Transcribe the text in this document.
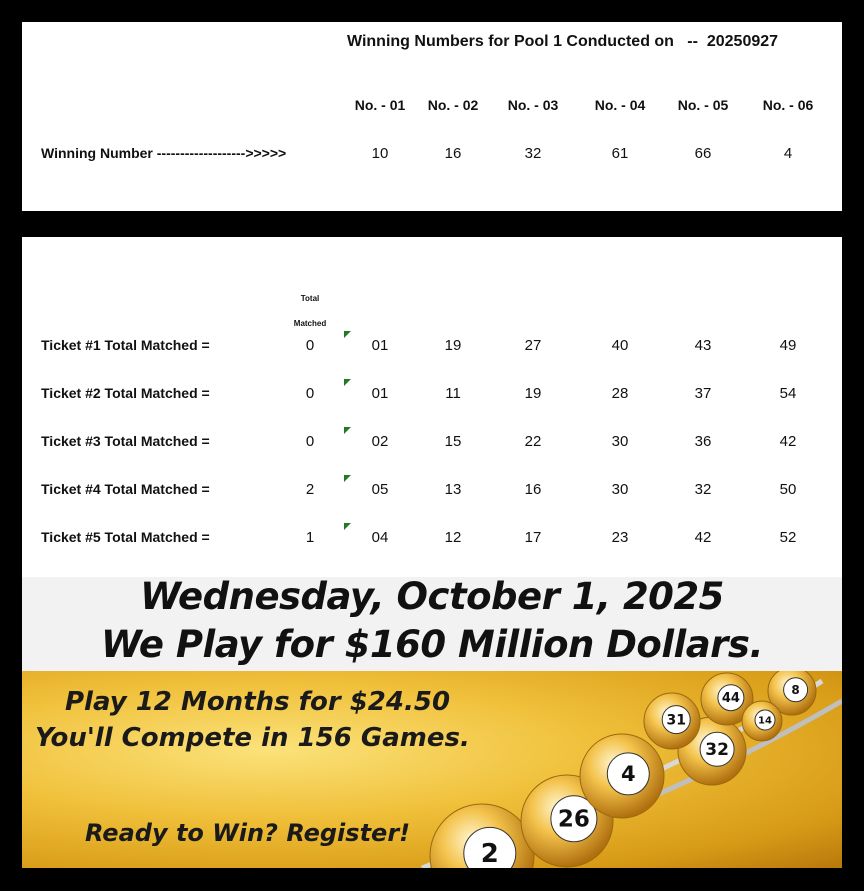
Winning Numbers for Pool 1 Conducted on -- 20250927
No. - 01 No. - 02 No. - 03	No. - 04 No. - 05 No. - 06
Winning Number ------------------->>>>>	10	16	32	61	66	4
Total
Matched
Ticket #1 Total Matched =	0	01	19	27	40	43	49
Ticket #2 Total Matched =	0	01	11	19	28	37	54
Ticket #3 Total Matched =	0	02	15	22	30	36	42
Ticket #4 Total Matched =	2	05	13	16	30	32	50
Ticket #5 Total Matched =	1	04	12	17	23	42	52
Wednesday, October 1, 2025
We Play for $160 Million Dollars.
2
26
4
32
31
44
8
14
Play 12 Months for $24.50
You'll Compete in 156 Games.
Ready to Win? Register!
